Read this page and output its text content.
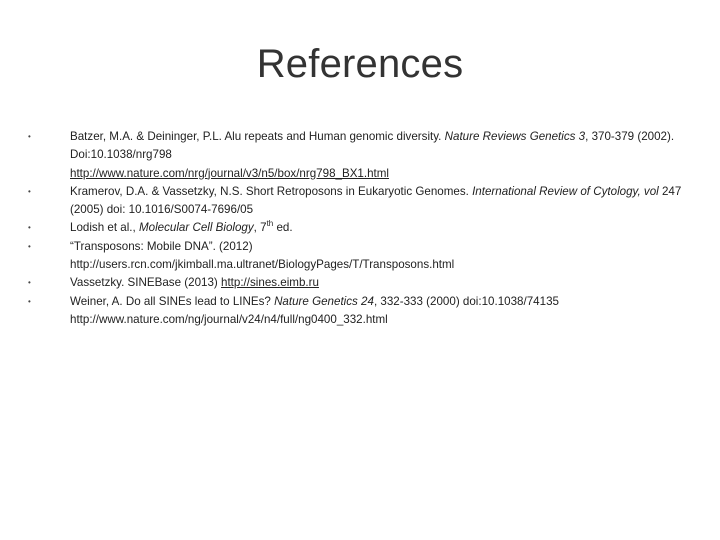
References
•	Batzer, M.A. & Deininger, P.L. Alu repeats and Human genomic diversity. Nature Reviews Genetics 3, 370-379 (2002). Doi:10.1038/nrg798
http://www.nature.com/nrg/journal/v3/n5/box/nrg798_BX1.html
•	Kramerov, D.A. & Vassetzky, N.S. Short Retroposons in Eukaryotic Genomes. International Review of Cytology, vol 247 (2005) doi: 10.1016/S0074-7696/05
•	Lodish et al., Molecular Cell Biology, 7th ed.
•	“Transposons: Mobile DNA”. (2012)
http://users.rcn.com/jkimball.ma.ultranet/BiologyPages/T/Transposons.html
•	Vassetzky. SINEBase (2013) http://sines.eimb.ru
•	Weiner, A. Do all SINEs lead to LINEs? Nature Genetics 24, 332-333 (2000) doi:10.1038/74135
http://www.nature.com/ng/journal/v24/n4/full/ng0400_332.html
